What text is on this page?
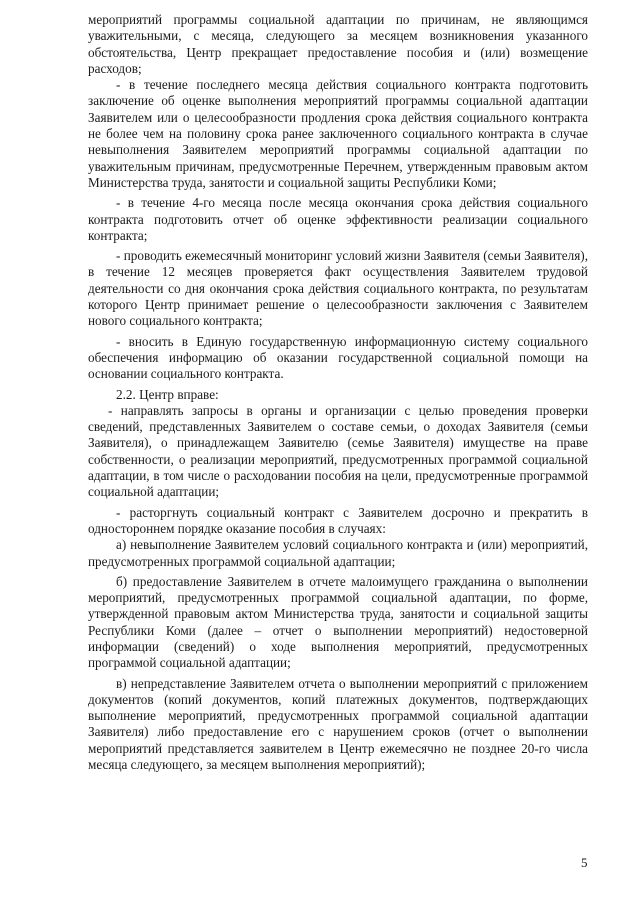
мероприятий программы социальной адаптации по причинам, не являющимся уважительными, с месяца, следующего за месяцем возникновения указанного обстоятельства, Центр прекращает предоставление пособия и (или) возмещение расходов;

- в течение последнего месяца действия социального контракта подготовить заключение об оценке выполнения мероприятий программы социальной адаптации Заявителем или о целесообразности продления срока действия социального контракта не более чем на половину срока ранее заключенного социального контракта в случае невыполнения Заявителем мероприятий программы социальной адаптации по уважительным причинам, предусмотренные Перечнем, утвержденным правовым актом Министерства труда, занятости и социальной защиты Республики Коми;

- в течение 4-го месяца после месяца окончания срока действия социального контракта подготовить отчет об оценке эффективности реализации социального контракта;

- проводить ежемесячный мониторинг условий жизни Заявителя (семьи Заявителя), в течение 12 месяцев проверяется факт осуществления Заявителем трудовой деятельности со дня окончания срока действия социального контракта, по результатам которого Центр принимает решение о целесообразности заключения с Заявителем нового социального контракта;

- вносить в Единую государственную информационную систему социального обеспечения информацию об оказании государственной социальной помощи на основании социального контракта.

2.2. Центр вправе:

- направлять запросы в органы и организации с целью проведения проверки сведений, представленных Заявителем о составе семьи, о доходах Заявителя (семьи Заявителя), о принадлежащем Заявителю (семье Заявителя) имуществе на праве собственности, о реализации мероприятий, предусмотренных программой социальной адаптации, в том числе о расходовании пособия на цели, предусмотренные программой социальной адаптации;

- расторгнуть социальный контракт с Заявителем досрочно и прекратить в одностороннем порядке оказание пособия в случаях:

а) невыполнение Заявителем условий социального контракта и (или) мероприятий, предусмотренных программой социальной адаптации;

б) предоставление Заявителем в отчете малоимущего гражданина о выполнении мероприятий, предусмотренных программой социальной адаптации, по форме, утвержденной правовым актом Министерства труда, занятости и социальной защиты Республики Коми (далее – отчет о выполнении мероприятий) недостоверной информации (сведений) о ходе выполнения мероприятий, предусмотренных программой социальной адаптации;

в) непредставление Заявителем отчета о выполнении мероприятий с приложением документов (копий документов, копий платежных документов, подтверждающих выполнение мероприятий, предусмотренных программой социальной адаптации Заявителя) либо предоставление его с нарушением сроков (отчет о выполнении мероприятий представляется заявителем в Центр ежемесячно не позднее 20-го числа месяца следующего, за месяцем выполнения мероприятий);

5
